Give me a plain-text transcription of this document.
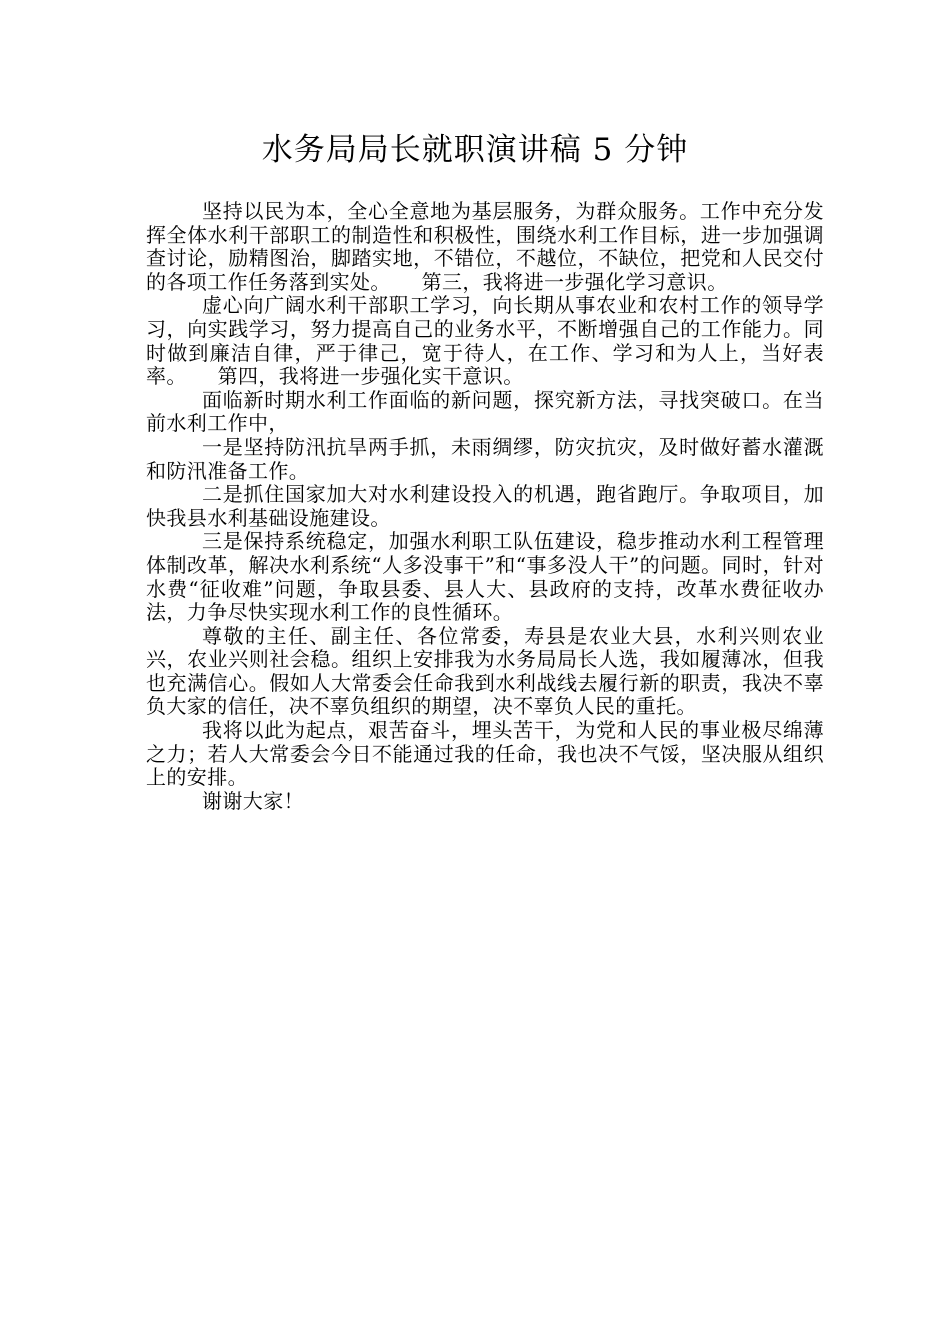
水务局局长就职演讲稿 5 分钟

坚持以民为本，全心全意地为基层服务，为群众服务。工作中充分发挥全体水利干部职工的制造性和积极性，围绕水利工作目标，进一步加强调查讨论，励精图治，脚踏实地，不错位，不越位，不缺位，把党和人民交付的各项工作任务落到实处。　　第三，我将进一步强化学习意识。

虚心向广阔水利干部职工学习，向长期从事农业和农村工作的领导学习，向实践学习，努力提高自己的业务水平，不断增强自己的工作能力。同时做到廉洁自律，严于律己，宽于待人，在工作、学习和为人上，当好表率。　　第四，我将进一步强化实干意识。

面临新时期水利工作面临的新问题，探究新方法，寻找突破口。在当前水利工作中，

一是坚持防汛抗旱两手抓，未雨绸缪，防灾抗灾，及时做好蓄水灌溉和防汛准备工作。

二是抓住国家加大对水利建设投入的机遇，跑省跑厅。争取项目，加快我县水利基础设施建设。

三是保持系统稳定，加强水利职工队伍建设，稳步推动水利工程管理体制改革，解决水利系统“人多没事干”和“事多没人干”的问题。同时，针对水费“征收难”问题，争取县委、县人大、县政府的支持，改革水费征收办法，力争尽快实现水利工作的良性循环。

尊敬的主任、副主任、各位常委，寿县是农业大县，水利兴则农业兴，农业兴则社会稳。组织上安排我为水务局局长人选，我如履薄冰，但我也充满信心。假如人大常委会任命我到水利战线去履行新的职责，我决不辜负大家的信任，决不辜负组织的期望，决不辜负人民的重托。

我将以此为起点，艰苦奋斗，埋头苦干，为党和人民的事业极尽绵薄之力；若人大常委会今日不能通过我的任命，我也决不气馁，坚决服从组织上的安排。

谢谢大家！
